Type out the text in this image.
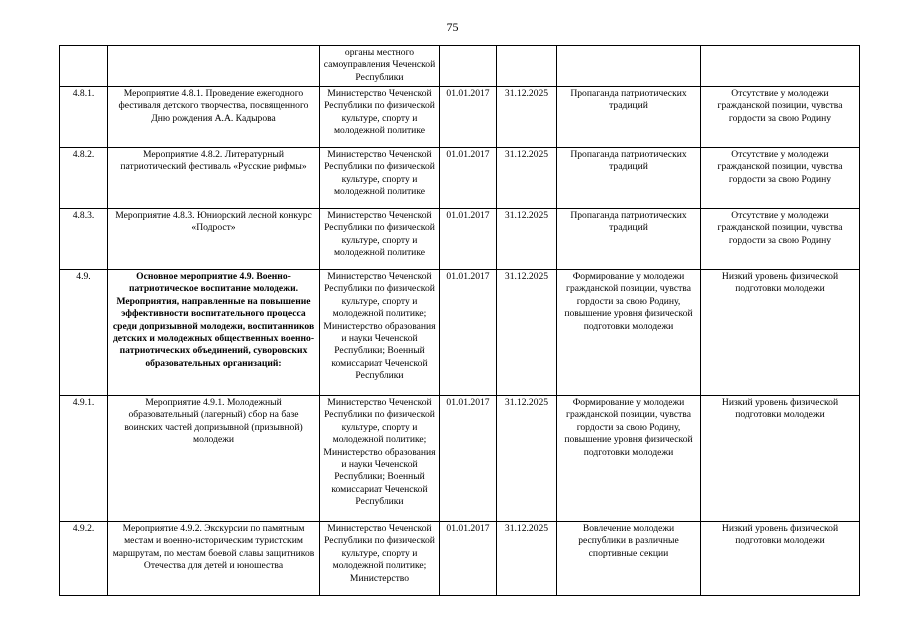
75
		органы местного самоуправления Чеченской Республики				
4.8.1.	Мероприятие 4.8.1. Проведение ежегодного фестиваля детского творчества, посвященного Дню рождения А.А. Кадырова	Министерство Чеченской Республики по физической культуре, спорту и молодежной политике	01.01.2017	31.12.2025	Пропаганда патриотических традиций	Отсутствие у молодежи гражданской позиции, чувства гордости за свою Родину
4.8.2.	Мероприятие 4.8.2. Литературный патриотический фестиваль «Русские рифмы»	Министерство Чеченской Республики по физической культуре, спорту и молодежной политике	01.01.2017	31.12.2025	Пропаганда патриотических традиций	Отсутствие у молодежи гражданской позиции, чувства гордости за свою Родину
4.8.3.	Мероприятие 4.8.3. Юниорский лесной конкурс «Подрост»	Министерство Чеченской Республики по физической культуре, спорту и молодежной политике	01.01.2017	31.12.2025	Пропаганда патриотических традиций	Отсутствие у молодежи гражданской позиции, чувства гордости за свою Родину
4.9.	Основное мероприятие 4.9. Военно-патриотическое воспитание молодежи. Мероприятия, направленные на повышение эффективности воспитательного процесса среди допризывной молодежи, воспитанников детских и молодежных общественных военно-патриотических объединений, суворовских образовательных организаций:	Министерство Чеченской Республики по физической культуре, спорту и молодежной политике; Министерство образования и науки Чеченской Республики; Военный комиссариат Чеченской Республики	01.01.2017	31.12.2025	Формирование у молодежи гражданской позиции, чувства гордости за свою Родину, повышение уровня физической подготовки молодежи	Низкий уровень физической подготовки молодежи
4.9.1.	Мероприятие 4.9.1. Молодежный образовательный (лагерный) сбор на базе воинских частей допризывной (призывной) молодежи	Министерство Чеченской Республики по физической культуре, спорту и молодежной политике; Министерство образования и науки Чеченской Республики; Военный комиссариат Чеченской Республики	01.01.2017	31.12.2025	Формирование у молодежи гражданской позиции, чувства гордости за свою Родину, повышение уровня физической подготовки молодежи	Низкий уровень физической подготовки молодежи
4.9.2.	Мероприятие 4.9.2. Экскурсии по памятным местам и военно-историческим туристским маршрутам, по местам боевой славы защитников Отечества для детей и юношества	Министерство Чеченской Республики по физической культуре, спорту и молодежной политике; Министерство	01.01.2017	31.12.2025	Вовлечение молодежи республики в различные спортивные секции	Низкий уровень физической подготовки молодежи
